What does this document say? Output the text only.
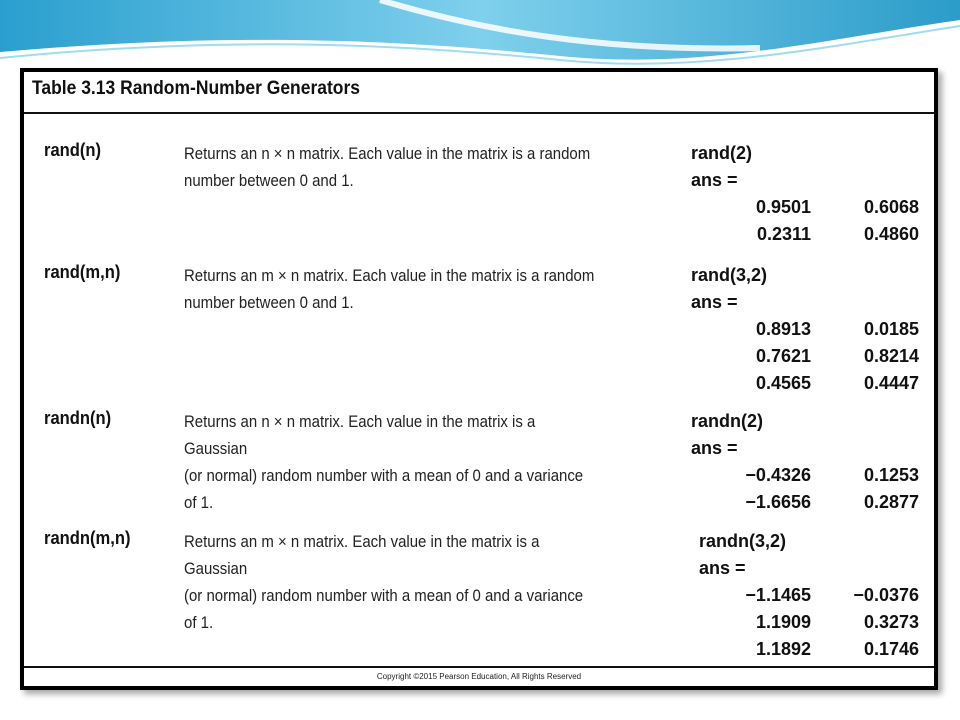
Table 3.13 Random-Number Generators
rand(n)	Returns an n × n matrix. Each value in the matrix is a random
number between 0 and 1.
rand(2)
ans =
0.9501	0.6068
0.2311	0.4860
rand(m,n)	Returns an m × n matrix. Each value in the matrix is a random
number between 0 and 1.
rand(3,2)
ans =
0.8913	0.0185
0.7621	0.8214
0.4565	0.4447
randn(n)	Returns an n × n matrix. Each value in the matrix is a Gaussian
(or normal) random number with a mean of 0 and a variance of 1.
randn(2)
ans =
−0.4326	0.1253
−1.6656	0.2877
randn(m,n)	Returns an m × n matrix. Each value in the matrix is a Gaussian
(or normal) random number with a mean of 0 and a variance of 1.
randn(3,2)
ans =
−1.1465	−0.0376
1.1909	0.3273
1.1892	0.1746
Copyright ©2015 Pearson Education, All Rights Reserved
